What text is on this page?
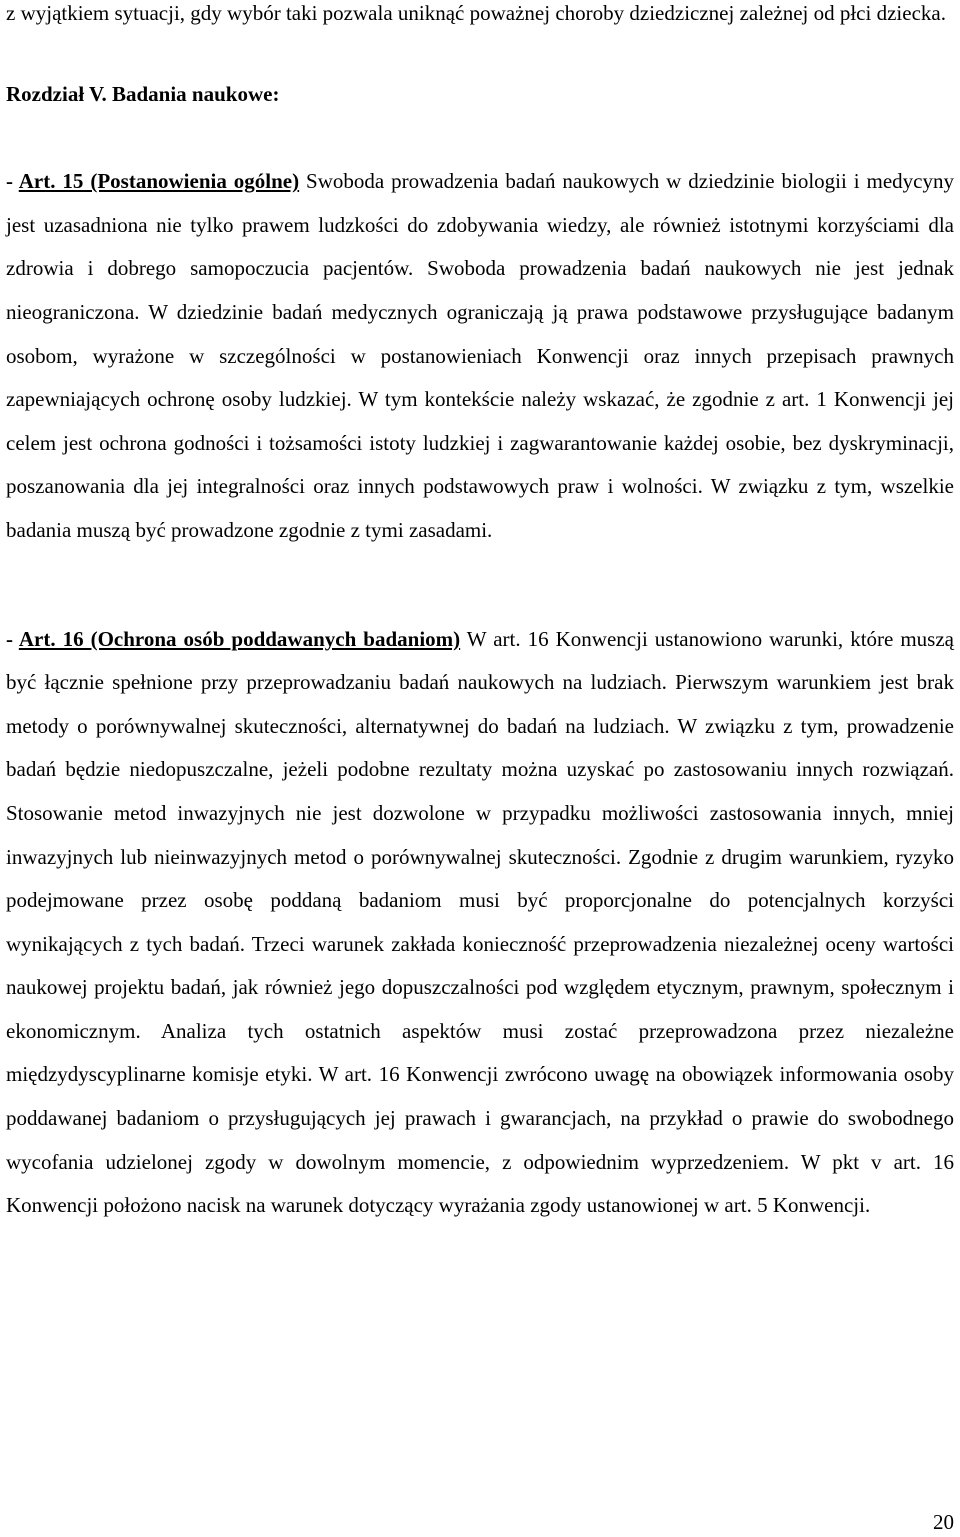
z wyjątkiem sytuacji, gdy wybór taki pozwala uniknąć poważnej choroby dziedzicznej zależnej od płci dziecka.

Rozdział V. Badania naukowe:

- Art. 15 (Postanowienia ogólne) Swoboda prowadzenia badań naukowych w dziedzinie biologii i medycyny jest uzasadniona nie tylko prawem ludzkości do zdobywania wiedzy, ale również istotnymi korzyściami dla zdrowia i dobrego samopoczucia pacjentów. Swoboda prowadzenia badań naukowych nie jest jednak nieograniczona. W dziedzinie badań medycznych ograniczają ją prawa podstawowe przysługujące badanym osobom, wyrażone w szczególności w postanowieniach Konwencji oraz innych przepisach prawnych zapewniających ochronę osoby ludzkiej. W tym kontekście należy wskazać, że zgodnie z art. 1 Konwencji jej celem jest ochrona godności i tożsamości istoty ludzkiej i zagwarantowanie każdej osobie, bez dyskryminacji, poszanowania dla jej integralności oraz innych podstawowych praw i wolności. W związku z tym, wszelkie badania muszą być prowadzone zgodnie z tymi zasadami.

- Art. 16 (Ochrona osób poddawanych badaniom) W art. 16 Konwencji ustanowiono warunki, które muszą być łącznie spełnione przy przeprowadzaniu badań naukowych na ludziach. Pierwszym warunkiem jest brak metody o porównywalnej skuteczności, alternatywnej do badań na ludziach. W związku z tym, prowadzenie badań będzie niedopuszczalne, jeżeli podobne rezultaty można uzyskać po zastosowaniu innych rozwiązań. Stosowanie metod inwazyjnych nie jest dozwolone w przypadku możliwości zastosowania innych, mniej inwazyjnych lub nieinwazyjnych metod o porównywalnej skuteczności. Zgodnie z drugim warunkiem, ryzyko podejmowane przez osobę poddaną badaniom musi być proporcjonalne do potencjalnych korzyści wynikających z tych badań. Trzeci warunek zakłada konieczność przeprowadzenia niezależnej oceny wartości naukowej projektu badań, jak również jego dopuszczalności pod względem etycznym, prawnym, społecznym i ekonomicznym. Analiza tych ostatnich aspektów musi zostać przeprowadzona przez niezależne międzydyscyplinarne komisje etyki. W art. 16 Konwencji zwrócono uwagę na obowiązek informowania osoby poddawanej badaniom o przysługujących jej prawach i gwarancjach, na przykład o prawie do swobodnego wycofania udzielonej zgody w dowolnym momencie, z odpowiednim wyprzedzeniem. W pkt v art. 16 Konwencji położono nacisk na warunek dotyczący wyrażania zgody ustanowionej w art. 5 Konwencji.

20
